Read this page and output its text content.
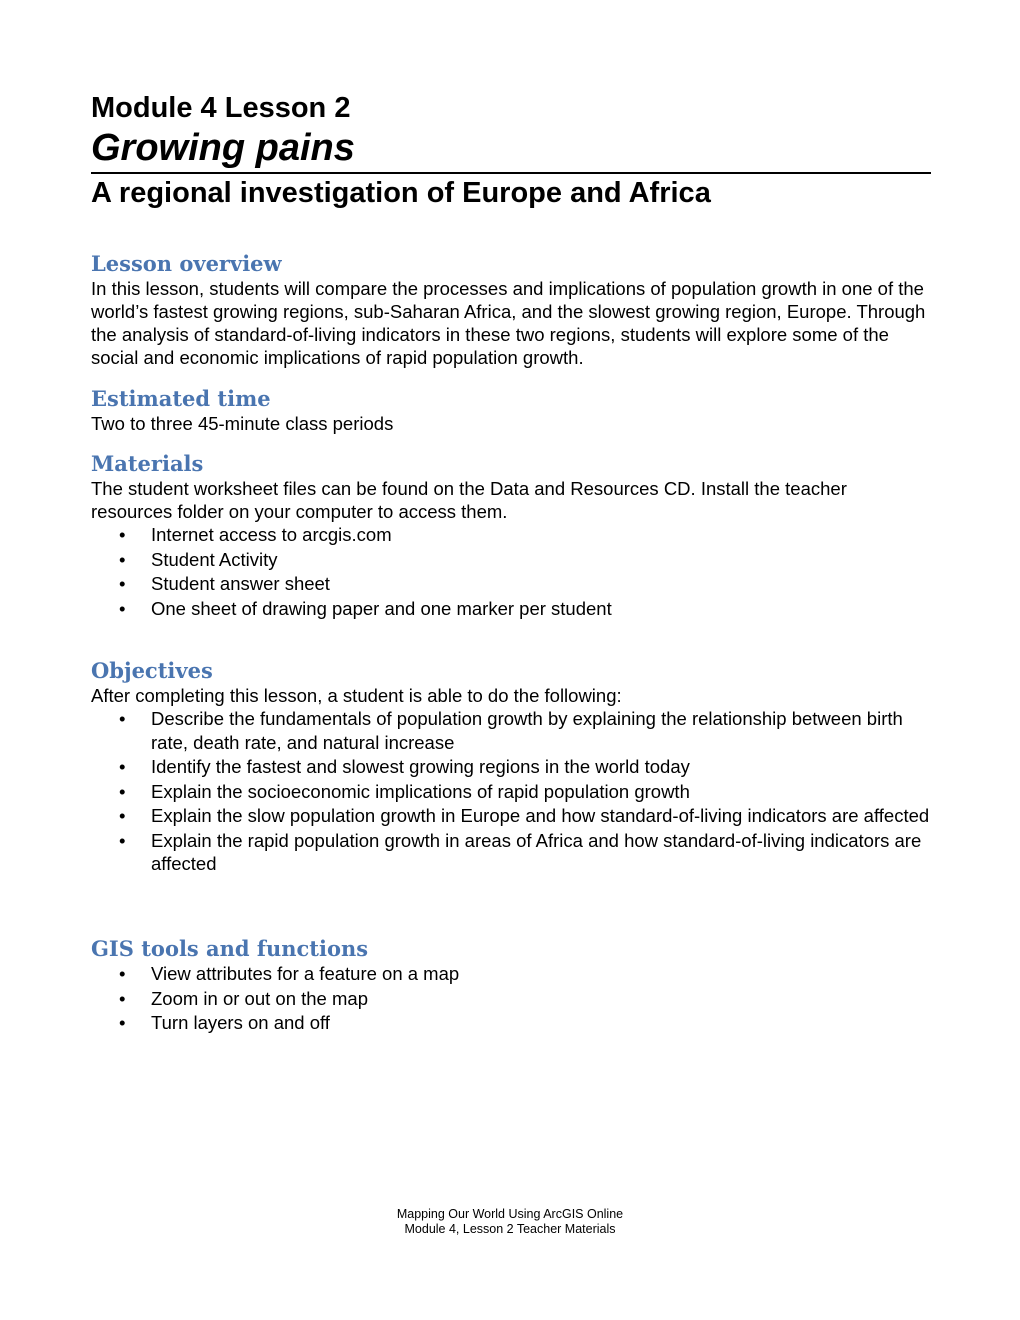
Module 4 Lesson 2
Growing pains
A regional investigation of Europe and Africa
Lesson overview

In this lesson, students will compare the processes and implications of population growth in one of the world’s fastest growing regions, sub-Saharan Africa, and the slowest growing region, Europe. Through the analysis of standard-of-living indicators in these two regions, students will explore some of the social and economic implications of rapid population growth.

Estimated time

Two to three 45-minute class periods

Materials

The student worksheet files can be found on the Data and Resources CD. Install the teacher resources folder on your computer to access them.

• Internet access to arcgis.com
• Student Activity
• Student answer sheet
• One sheet of drawing paper and one marker per student
Objectives

After completing this lesson, a student is able to do the following:

• Describe the fundamentals of population growth by explaining the relationship between birth rate, death rate, and natural increase
• Identify the fastest and slowest growing regions in the world today
• Explain the socioeconomic implications of rapid population growth
• Explain the slow population growth in Europe and how standard-of-living indicators are affected
• Explain the rapid population growth in areas of Africa and how standard-of-living indicators are affected
GIS tools and functions
• View attributes for a feature on a map
• Zoom in or out on the map
• Turn layers on and off
Mapping Our World Using ArcGIS Online
Module 4, Lesson 2 Teacher Materials
